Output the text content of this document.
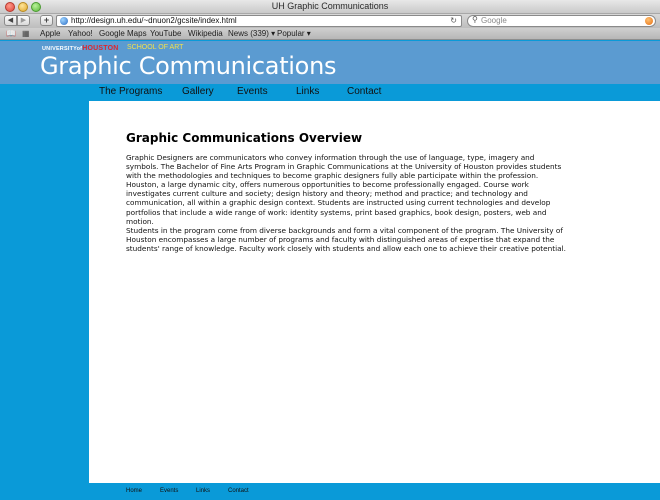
UH Graphic Communications
◀	▶	+	http://design.uh.edu/~dnuon2/gcsite/index.html	↻ ⚲ Google
📖 ▦ Apple Yahoo! Google Maps YouTube Wikipedia News (339) ▾ Popular ▾
UNIVERSITYofHOUSTON SCHOOL OF ART
Graphic Communications
The Programs Gallery Events	Links	Contact
Graphic Communications Overview
Graphic Designers are communicators who convey information through the use of language, type, imagery and symbols. The Bachelor of Fine Arts Program in Graphic Communications at the University of Houston provides students with the methodologies and techniques to become graphic designers fully able participate within the profession. Houston, a large dynamic city, offers numerous opportunities to become professionally engaged. Course work investigates current culture and society; design history and theory; method and practice; and technology and communication, all within a graphic design context. Students are instructed using current technologies and develop portfolios that include a wide range of work: identity systems, print based graphics, book design, posters, web and motion.
Students in the program come from diverse backgrounds and form a vital component of the program. The University of Houston encompasses a large number of programs and faculty with distinguished areas of expertise that expand the students' range of knowledge. Faculty work closely with students and allow each one to achieve their creative potential.
Home	Events	Links	Contact
